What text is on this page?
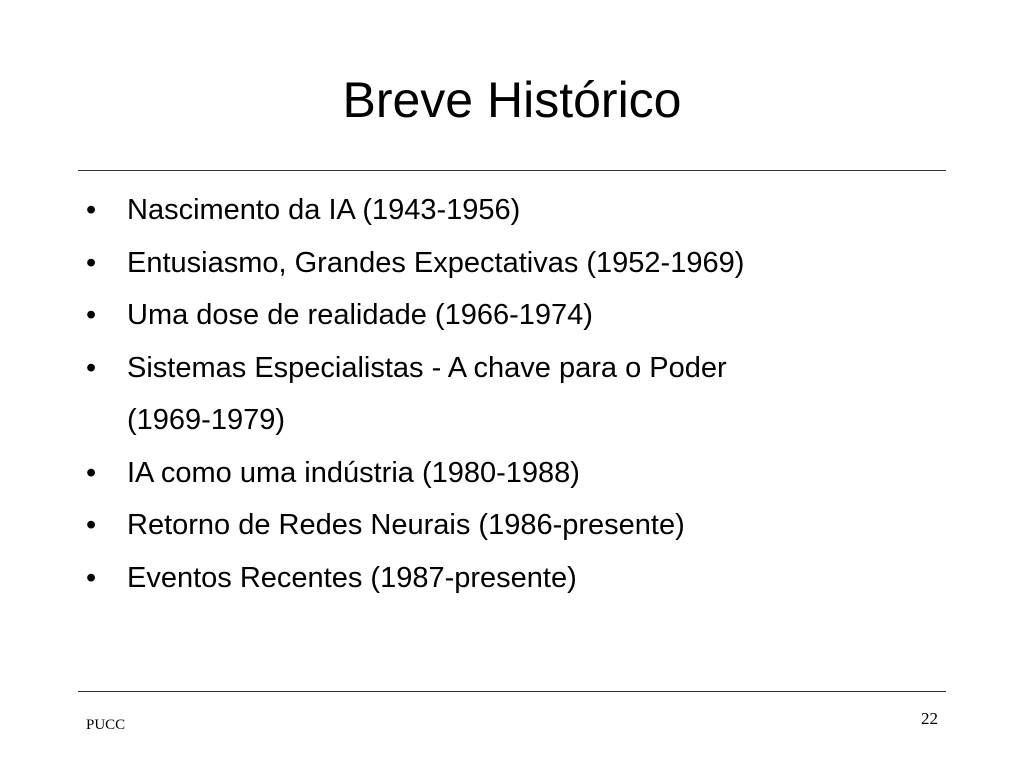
Breve Histórico
•	Nascimento da IA (1943-1956)
•	Entusiasmo, Grandes Expectativas (1952-1969)
•	Uma dose de realidade (1966-1974)
•	Sistemas Especialistas - A chave para o Poder
(1969-1979)
•	IA como uma indústria (1980-1988)
•	Retorno de Redes Neurais (1986-presente)
•	Eventos Recentes (1987-presente)
PUCC	22
